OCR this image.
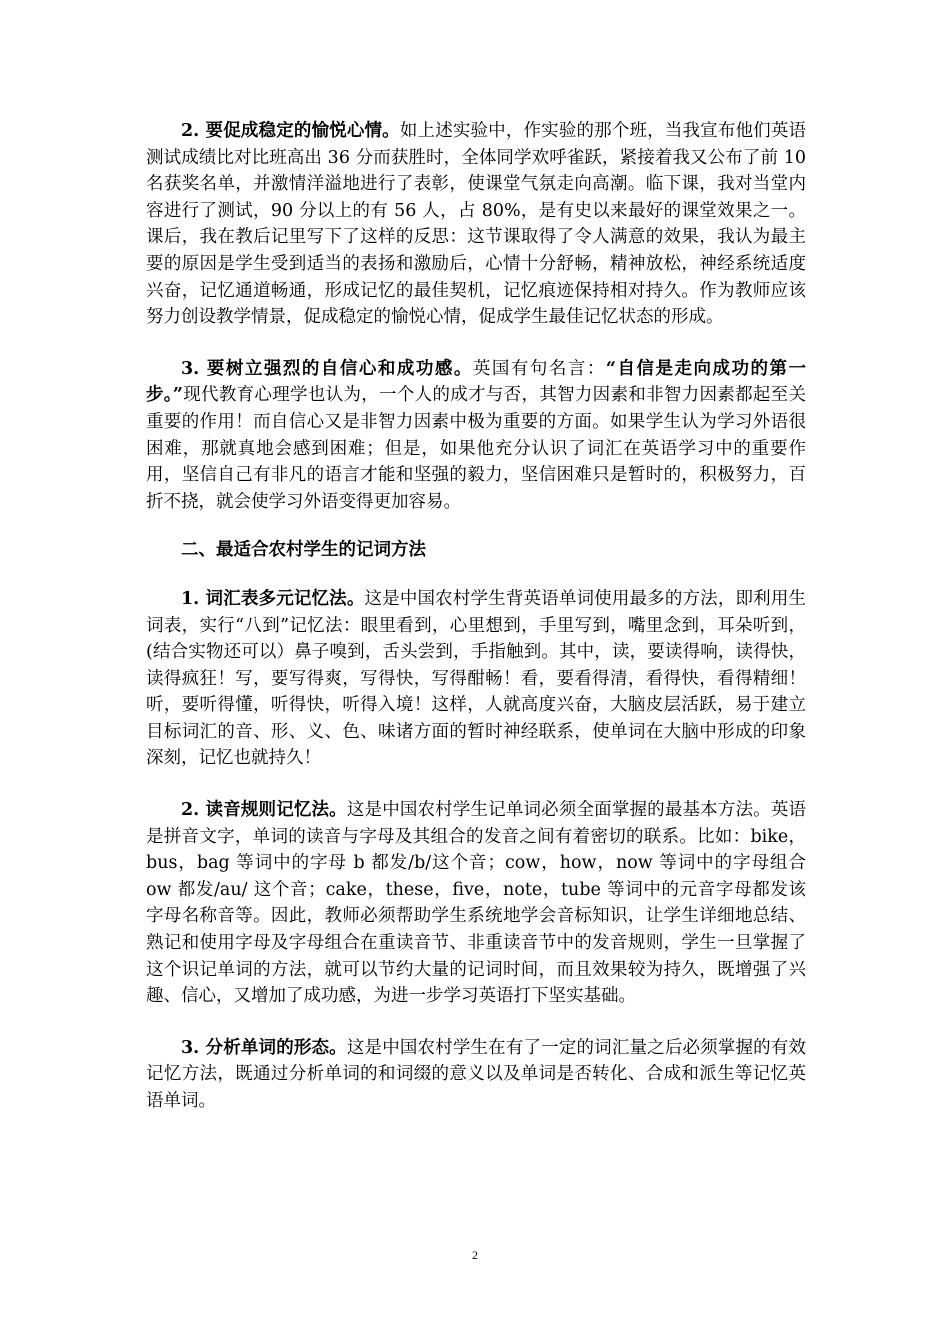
2. 要促成稳定的愉悦心情。如上述实验中，作实验的那个班，当我宣布他们英语测试成绩比对比班高出 36 分而获胜时，全体同学欢呼雀跃，紧接着我又公布了前 10 名获奖名单，并激情洋溢地进行了表彰，使课堂气氛走向高潮。临下课，我对当堂内容进行了测试，90 分以上的有 56 人，占 80%，是有史以来最好的课堂效果之一。课后，我在教后记里写下了这样的反思：这节课取得了令人满意的效果，我认为最主要的原因是学生受到适当的表扬和激励后，心情十分舒畅，精神放松，神经系统适度兴奋，记忆通道畅通，形成记忆的最佳契机，记忆痕迹保持相对持久。作为教师应该努力创设教学情景，促成稳定的愉悦心情，促成学生最佳记忆状态的形成。

3. 要树立强烈的自信心和成功感。英国有句名言：“自信是走向成功的第一步。”现代教育心理学也认为，一个人的成才与否，其智力因素和非智力因素都起至关重要的作用！而自信心又是非智力因素中极为重要的方面。如果学生认为学习外语很困难，那就真地会感到困难；但是，如果他充分认识了词汇在英语学习中的重要作用，坚信自己有非凡的语言才能和坚强的毅力，坚信困难只是暂时的，积极努力，百折不挠，就会使学习外语变得更加容易。

二、最适合农村学生的记词方法

1. 词汇表多元记忆法。这是中国农村学生背英语单词使用最多的方法，即利用生词表，实行“八到”记忆法：眼里看到，心里想到，手里写到，嘴里念到，耳朵听到，(结合实物还可以）鼻子嗅到，舌头尝到，手指触到。其中，读，要读得响，读得快，读得疯狂！写，要写得爽，写得快，写得酣畅！看，要看得清，看得快，看得精细！听，要听得懂，听得快，听得入境！这样，人就高度兴奋，大脑皮层活跃，易于建立目标词汇的音、形、义、色、味诸方面的暂时神经联系，使单词在大脑中形成的印象深刻，记忆也就持久！

2. 读音规则记忆法。这是中国农村学生记单词必须全面掌握的最基本方法。英语是拼音文字，单词的读音与字母及其组合的发音之间有着密切的联系。比如：bike，bus，bag 等词中的字母 b 都发/b/这个音；cow，how，now 等词中的字母组合 ow 都发/au/ 这个音；cake，these，five，note，tube 等词中的元音字母都发该字母名称音等。因此，教师必须帮助学生系统地学会音标知识，让学生详细地总结、熟记和使用字母及字母组合在重读音节、非重读音节中的发音规则，学生一旦掌握了这个识记单词的方法，就可以节约大量的记词时间，而且效果较为持久，既增强了兴趣、信心，又增加了成功感，为进一步学习英语打下坚实基础。

3. 分析单词的形态。这是中国农村学生在有了一定的词汇量之后必须掌握的有效记忆方法，既通过分析单词的和词缀的意义以及单词是否转化、合成和派生等记忆英语单词。

2
